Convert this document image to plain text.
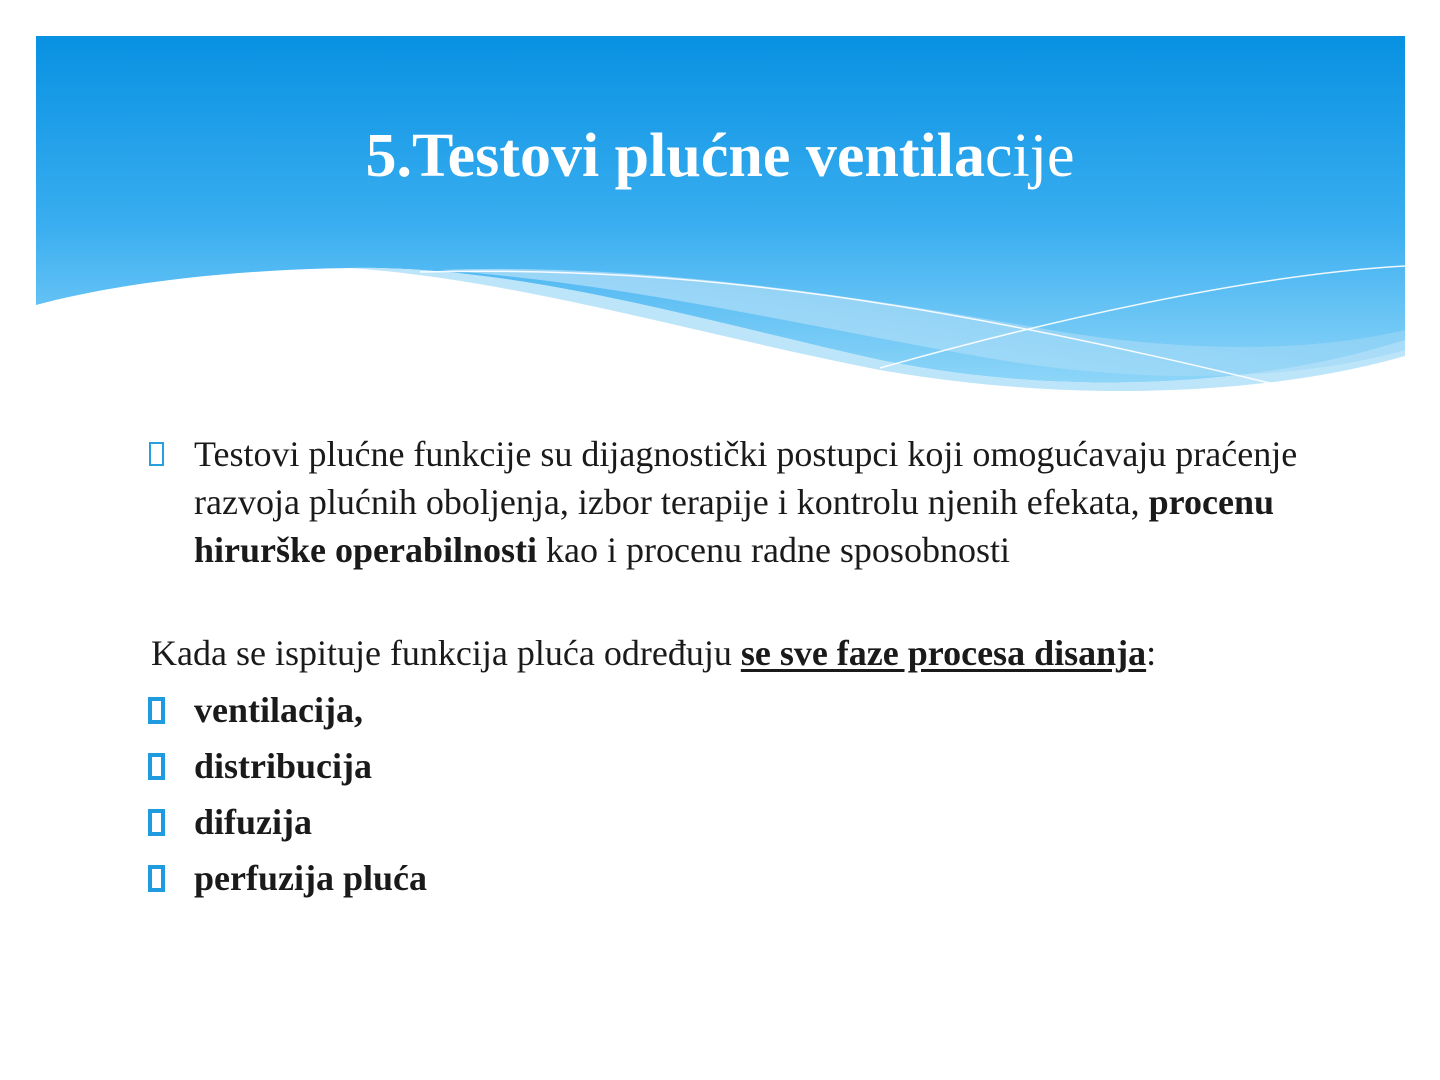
5.Testovi plućne ventilacije

Testovi plućne funkcije su dijagnostički postupci koji omogućavaju praćenje razvoja plućnih oboljenja, izbor terapije i kontrolu njenih efekata, procenu hirurške operabilnosti kao i procenu radne sposobnosti

Kada se ispituje funkcija pluća određuju se sve faze procesa disanja:

ventilacija,

distribucija

difuzija

perfuzija pluća
